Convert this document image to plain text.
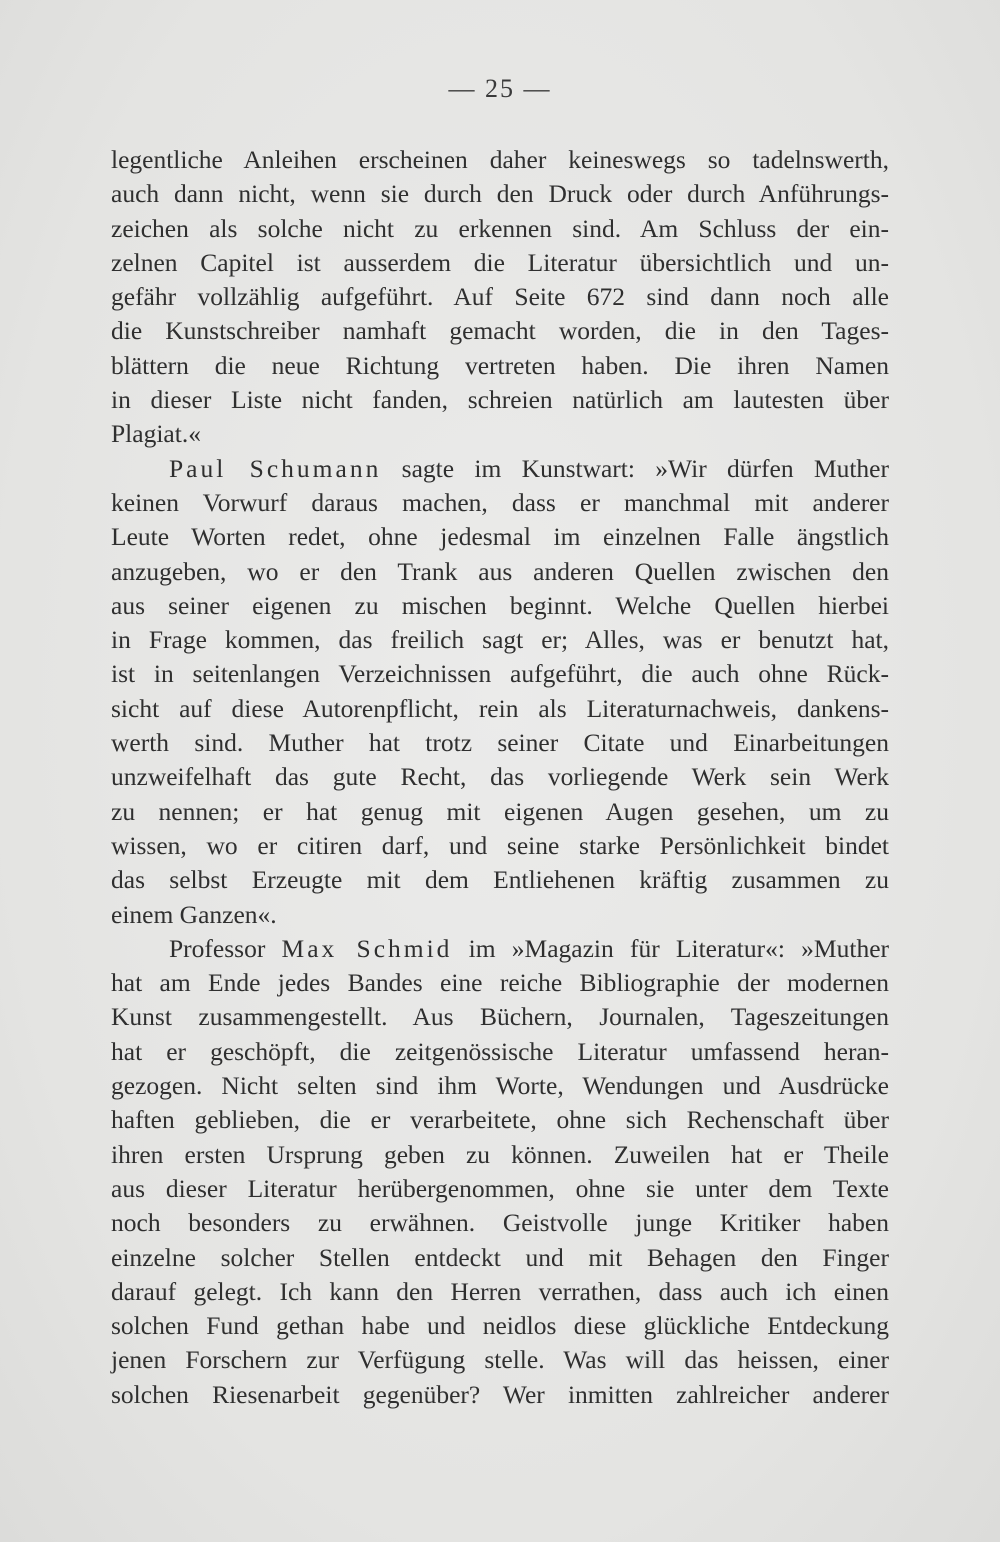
— 25 —
legentliche Anleihen erscheinen daher keineswegs so tadelnswerth,
auch dann nicht, wenn sie durch den Druck oder durch Anführungs-
zeichen als solche nicht zu erkennen sind. Am Schluss der ein-
zelnen Capitel ist ausserdem die Literatur übersichtlich und un-
gefähr vollzählig aufgeführt. Auf Seite 672 sind dann noch alle
die Kunstschreiber namhaft gemacht worden, die in den Tages-
blättern die neue Richtung vertreten haben. Die ihren Namen
in dieser Liste nicht fanden, schreien natürlich am lautesten über
Plagiat.«
Paul Schumann sagte im Kunstwart: »Wir dürfen Muther
keinen Vorwurf daraus machen, dass er manchmal mit anderer
Leute Worten redet, ohne jedesmal im einzelnen Falle ängstlich
anzugeben, wo er den Trank aus anderen Quellen zwischen den
aus seiner eigenen zu mischen beginnt. Welche Quellen hierbei
in Frage kommen, das freilich sagt er; Alles, was er benutzt hat,
ist in seitenlangen Verzeichnissen aufgeführt, die auch ohne Rück-
sicht auf diese Autorenpflicht, rein als Literaturnachweis, dankens-
werth sind. Muther hat trotz seiner Citate und Einarbeitungen
unzweifelhaft das gute Recht, das vorliegende Werk sein Werk
zu nennen; er hat genug mit eigenen Augen gesehen, um zu
wissen, wo er citiren darf, und seine starke Persönlichkeit bindet
das selbst Erzeugte mit dem Entliehenen kräftig zusammen zu
einem Ganzen«.
Professor Max Schmid im »Magazin für Literatur«: »Muther
hat am Ende jedes Bandes eine reiche Bibliographie der modernen
Kunst zusammengestellt. Aus Büchern, Journalen, Tageszeitungen
hat er geschöpft, die zeitgenössische Literatur umfassend heran-
gezogen. Nicht selten sind ihm Worte, Wendungen und Ausdrücke
haften geblieben, die er verarbeitete, ohne sich Rechenschaft über
ihren ersten Ursprung geben zu können. Zuweilen hat er Theile
aus dieser Literatur herübergenommen, ohne sie unter dem Texte
noch besonders zu erwähnen. Geistvolle junge Kritiker haben
einzelne solcher Stellen entdeckt und mit Behagen den Finger
darauf gelegt. Ich kann den Herren verrathen, dass auch ich einen
solchen Fund gethan habe und neidlos diese glückliche Entdeckung
jenen Forschern zur Verfügung stelle. Was will das heissen, einer
solchen Riesenarbeit gegenüber? Wer inmitten zahlreicher anderer
